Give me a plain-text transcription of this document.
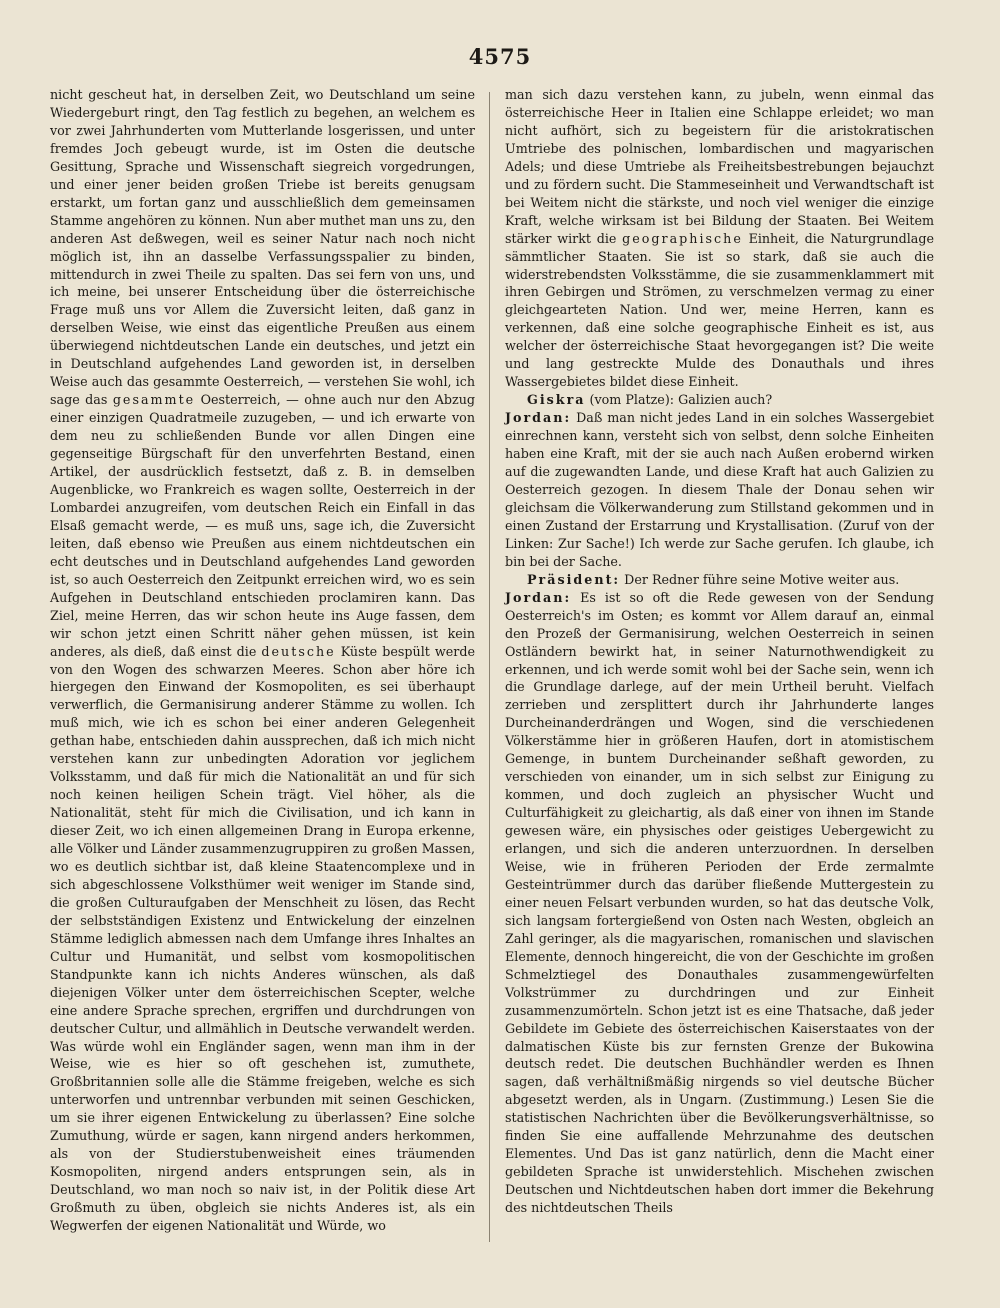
4575

nicht gescheut hat, in derselben Zeit, wo Deutschland um seine Wiedergeburt ringt, den Tag festlich zu begehen, an welchem es vor zwei Jahrhunderten vom Mutterlande losgerissen, und unter fremdes Joch gebeugt wurde, ist im Osten die deutsche Gesittung, Sprache und Wissenschaft siegreich vorgedrungen, und einer jener beiden großen Triebe ist bereits genugsam erstarkt, um fortan ganz und ausschließlich dem gemeinsamen Stamme angehören zu können. Nun aber muthet man uns zu, den anderen Ast deßwegen, weil es seiner Natur nach noch nicht möglich ist, ihn an dasselbe Verfassungsspalier zu binden, mittendurch in zwei Theile zu spalten. Das sei fern von uns, und ich meine, bei unserer Entscheidung über die österreichische Frage muß uns vor Allem die Zuversicht leiten, daß ganz in derselben Weise, wie einst das eigentliche Preußen aus einem überwiegend nichtdeutschen Lande ein deutsches, und jetzt ein in Deutschland aufgehendes Land geworden ist, in derselben Weise auch das gesammte Oesterreich, — verstehen Sie wohl, ich sage das gesammte Oesterreich, — ohne auch nur den Abzug einer einzigen Quadratmeile zuzugeben, — und ich erwarte von dem neu zu schließenden Bunde vor allen Dingen eine gegenseitige Bürgschaft für den unverfehrten Bestand, einen Artikel, der ausdrücklich festsetzt, daß z. B. in demselben Augenblicke, wo Frankreich es wagen sollte, Oesterreich in der Lombardei anzugreifen, vom deutschen Reich ein Einfall in das Elsaß gemacht werde, — es muß uns, sage ich, die Zuversicht leiten, daß ebenso wie Preußen aus einem nichtdeutschen ein echt deutsches und in Deutschland aufgehendes Land geworden ist, so auch Oesterreich den Zeitpunkt erreichen wird, wo es sein Aufgehen in Deutschland entschieden proclamiren kann. Das Ziel, meine Herren, das wir schon heute ins Auge fassen, dem wir schon jetzt einen Schritt näher gehen müssen, ist kein anderes, als dieß, daß einst die deutsche Küste bespült werde von den Wogen des schwarzen Meeres. Schon aber höre ich hiergegen den Einwand der Kosmopoliten, es sei überhaupt verwerflich, die Germanisirung anderer Stämme zu wollen. Ich muß mich, wie ich es schon bei einer anderen Gelegenheit gethan habe, entschieden dahin aussprechen, daß ich mich nicht verstehen kann zur unbedingten Adoration vor jeglichem Volksstamm, und daß für mich die Nationalität an und für sich noch keinen heiligen Schein trägt. Viel höher, als die Nationalität, steht für mich die Civilisation, und ich kann in dieser Zeit, wo ich einen allgemeinen Drang in Europa erkenne, alle Völker und Länder zusammenzugruppiren zu großen Massen, wo es deutlich sichtbar ist, daß kleine Staatencomplexe und in sich abgeschlossene Volksthümer weit weniger im Stande sind, die großen Culturaufgaben der Menschheit zu lösen, das Recht der selbstständigen Existenz und Entwickelung der einzelnen Stämme lediglich abmessen nach dem Umfange ihres Inhaltes an Cultur und Humanität, und selbst vom kosmopolitischen Standpunkte kann ich nichts Anderes wünschen, als daß diejenigen Völker unter dem österreichischen Scepter, welche eine andere Sprache sprechen, ergriffen und durchdrungen von deutscher Cultur, und allmählich in Deutsche verwandelt werden. Was würde wohl ein Engländer sagen, wenn man ihm in der Weise, wie es hier so oft geschehen ist, zumuthete, Großbritannien solle alle die Stämme freigeben, welche es sich unterworfen und untrennbar verbunden mit seinen Geschicken, um sie ihrer eigenen Entwickelung zu überlassen? Eine solche Zumuthung, würde er sagen, kann nirgend anders herkommen, als von der Studierstubenweisheit eines träumenden Kosmopoliten, nirgend anders entsprungen sein, als in Deutschland, wo man noch so naiv ist, in der Politik diese Art Großmuth zu üben, obgleich sie nichts Anderes ist, als ein Wegwerfen der eigenen Nationalität und Würde, wo

man sich dazu verstehen kann, zu jubeln, wenn einmal das österreichische Heer in Italien eine Schlappe erleidet; wo man nicht aufhört, sich zu begeistern für die aristokratischen Umtriebe des polnischen, lombardischen und magyarischen Adels; und diese Umtriebe als Freiheitsbestrebungen bejauchzt und zu fördern sucht. Die Stammeseinheit und Verwandtschaft ist bei Weitem nicht die stärkste, und noch viel weniger die einzige Kraft, welche wirksam ist bei Bildung der Staaten. Bei Weitem stärker wirkt die geographische Einheit, die Naturgrundlage sämmtlicher Staaten. Sie ist so stark, daß sie auch die widerstrebendsten Volksstämme, die sie zusammenklammert mit ihren Gebirgen und Strömen, zu verschmelzen vermag zu einer gleichgearteten Nation. Und wer, meine Herren, kann es verkennen, daß eine solche geographische Einheit es ist, aus welcher der österreichische Staat hevorgegangen ist? Die weite und lang gestreckte Mulde des Donauthals und ihres Wassergebietes bildet diese Einheit.

Giskra (vom Platze): Galizien auch?

Jordan: Daß man nicht jedes Land in ein solches Wassergebiet einrechnen kann, versteht sich von selbst, denn solche Einheiten haben eine Kraft, mit der sie auch nach Außen erobernd wirken auf die zugewandten Lande, und diese Kraft hat auch Galizien zu Oesterreich gezogen. In diesem Thale der Donau sehen wir gleichsam die Völkerwanderung zum Stillstand gekommen und in einen Zustand der Erstarrung und Krystallisation. (Zuruf von der Linken: Zur Sache!) Ich werde zur Sache gerufen. Ich glaube, ich bin bei der Sache.

Präsident: Der Redner führe seine Motive weiter aus.

Jordan: Es ist so oft die Rede gewesen von der Sendung Oesterreich's im Osten; es kommt vor Allem darauf an, einmal den Prozeß der Germanisirung, welchen Oesterreich in seinen Ostländern bewirkt hat, in seiner Naturnothwendigkeit zu erkennen, und ich werde somit wohl bei der Sache sein, wenn ich die Grundlage darlege, auf der mein Urtheil beruht. Vielfach zerrieben und zersplittert durch ihr Jahrhunderte langes Durcheinanderdrängen und Wogen, sind die verschiedenen Völkerstämme hier in größeren Haufen, dort in atomistischem Gemenge, in buntem Durcheinander seßhaft geworden, zu verschieden von einander, um in sich selbst zur Einigung zu kommen, und doch zugleich an physischer Wucht und Culturfähigkeit zu gleichartig, als daß einer von ihnen im Stande gewesen wäre, ein physisches oder geistiges Uebergewicht zu erlangen, und sich die anderen unterzuordnen. In derselben Weise, wie in früheren Perioden der Erde zermalmte Gesteintrümmer durch das darüber fließende Muttergestein zu einer neuen Felsart verbunden wurden, so hat das deutsche Volk, sich langsam fortergießend von Osten nach Westen, obgleich an Zahl geringer, als die magyarischen, romanischen und slavischen Elemente, dennoch hingereicht, die von der Geschichte im großen Schmelztiegel des Donauthales zusammengewürfelten Volkstrümmer zu durchdringen und zur Einheit zusammenzumörteln. Schon jetzt ist es eine Thatsache, daß jeder Gebildete im Gebiete des österreichischen Kaiserstaates von der dalmatischen Küste bis zur fernsten Grenze der Bukowina deutsch redet. Die deutschen Buchhändler werden es Ihnen sagen, daß verhältnißmäßig nirgends so viel deutsche Bücher abgesetzt werden, als in Ungarn. (Zustimmung.) Lesen Sie die statistischen Nachrichten über die Bevölkerungsverhältnisse, so finden Sie eine auffallende Mehrzunahme des deutschen Elementes. Und Das ist ganz natürlich, denn die Macht einer gebildeten Sprache ist unwiderstehlich. Mischehen zwischen Deutschen und Nichtdeutschen haben dort immer die Bekehrung des nichtdeutschen Theils
